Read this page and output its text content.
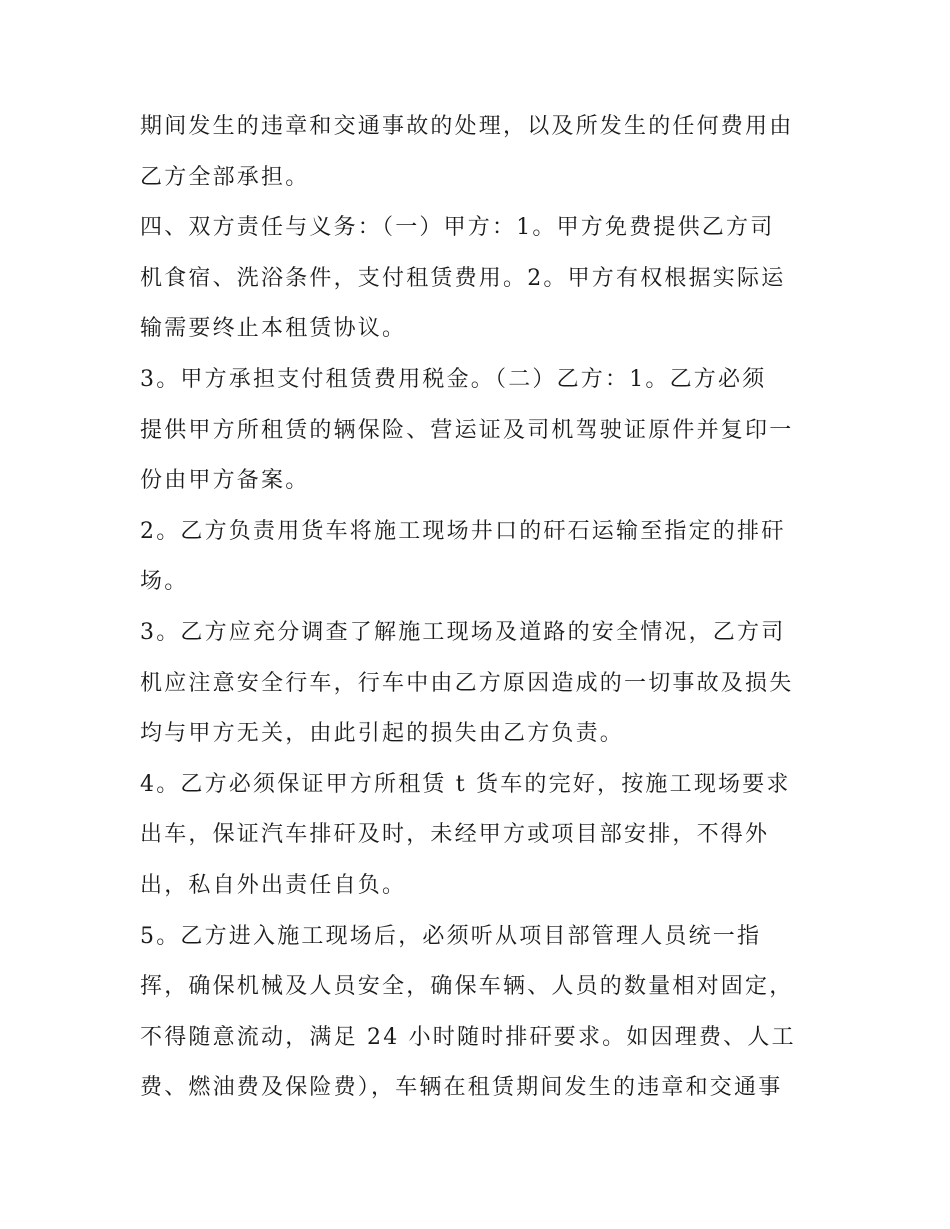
期间发生的违章和交通事故的处理，以及所发生的任何费用由
乙方全部承担。
四、双方责任与义务：（一）甲方：1。甲方免费提供乙方司
机食宿、洗浴条件，支付租赁费用。2。甲方有权根据实际运
输需要终止本租赁协议。
3。甲方承担支付租赁费用税金。（二）乙方：1。乙方必须
提供甲方所租赁的辆保险、营运证及司机驾驶证原件并复印一
份由甲方备案。
2。乙方负责用货车将施工现场井口的矸石运输至指定的排矸
场。
3。乙方应充分调查了解施工现场及道路的安全情况，乙方司
机应注意安全行车，行车中由乙方原因造成的一切事故及损失
均与甲方无关，由此引起的损失由乙方负责。
4。乙方必须保证甲方所租赁 t 货车的完好，按施工现场要求
出车，保证汽车排矸及时，未经甲方或项目部安排，不得外
出，私自外出责任自负。
5。乙方进入施工现场后，必须听从项目部管理人员统一指
挥，确保机械及人员安全，确保车辆、人员的数量相对固定，
不得随意流动，满足 24 小时随时排矸要求。如因理费、人工
费、燃油费及保险费），车辆在租赁期间发生的违章和交通事
